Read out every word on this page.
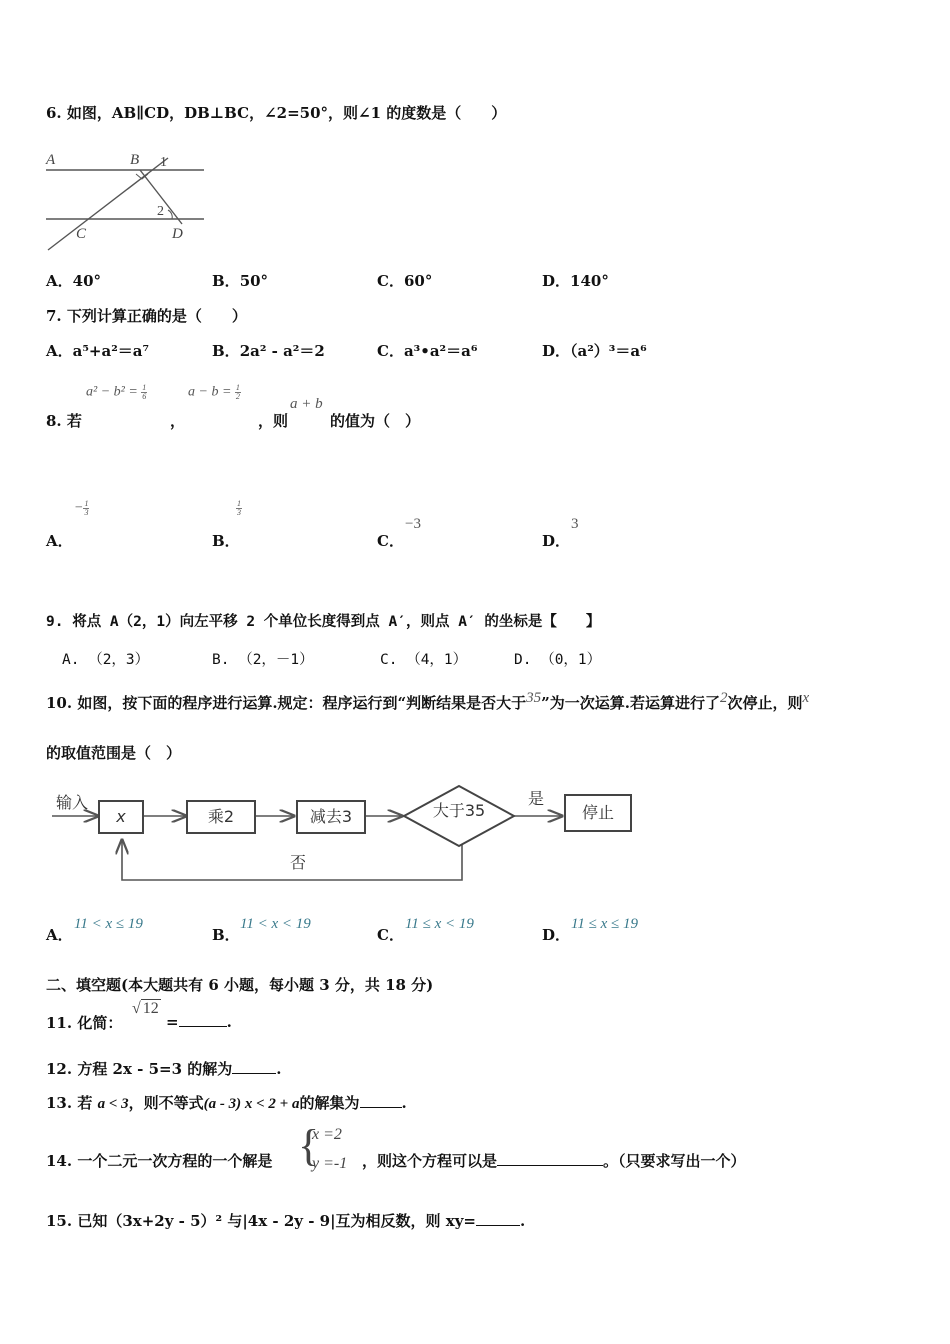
6. 如图，AB∥CD，DB⊥BC，∠2=50°，则∠1 的度数是（　　）
A	B 1
2
C	D
A．40°	B．50°	C．60°	D．140°
7. 下列计算正确的是（　　）
A．a⁵+a²＝a⁷	B．2a² - a²＝2	C．a³•a²＝a⁶	D．（a²）³＝a⁶
$a^2 - b^2 = \frac{1}{6}$	$a - b = \frac{1}{2}$
a + b
8. 若	，	，则	的值为（　）
A．
− $\frac{1}{3}$
B．
$\frac{1}{3}$
C．
−3
D．
3
9. 将点 A（2，1）向左平移 2 个单位长度得到点 A′，则点 A′ 的坐标是【　　】
A. （2，3）	B. （2，－1）	C. （4，1）	D. （0，1）
10. 如图，按下面的程序进行运算.规定：程序运行到“判断结果是否大于35”为一次运算.若运算进行了2次停止，则x
的取值范围是（　）
输入
x	乘2	减去3	大于35
是
停止
否
A．
11 < x ≤ 19
B．
11 < x < 19
C．
11 ≤ x < 19
D．
11 ≤ x ≤ 19
二、填空题(本大题共有 6 小题，每小题 3 分，共 18 分)
11. 化简：
√ 12
=	.
12. 方程 2x - 5=3 的解为	.
13. 若 a < 3，则不等式(a - 3) x < 2 + a的解集为	.
14. 一个二元一次方程的一个解是 {
x =2
y =-1 ，则这个方程可以是	。（只要求写出一个）
15. 已知（3x+2y - 5）² 与|4x - 2y - 9|互为相反数，则 xy=	.
